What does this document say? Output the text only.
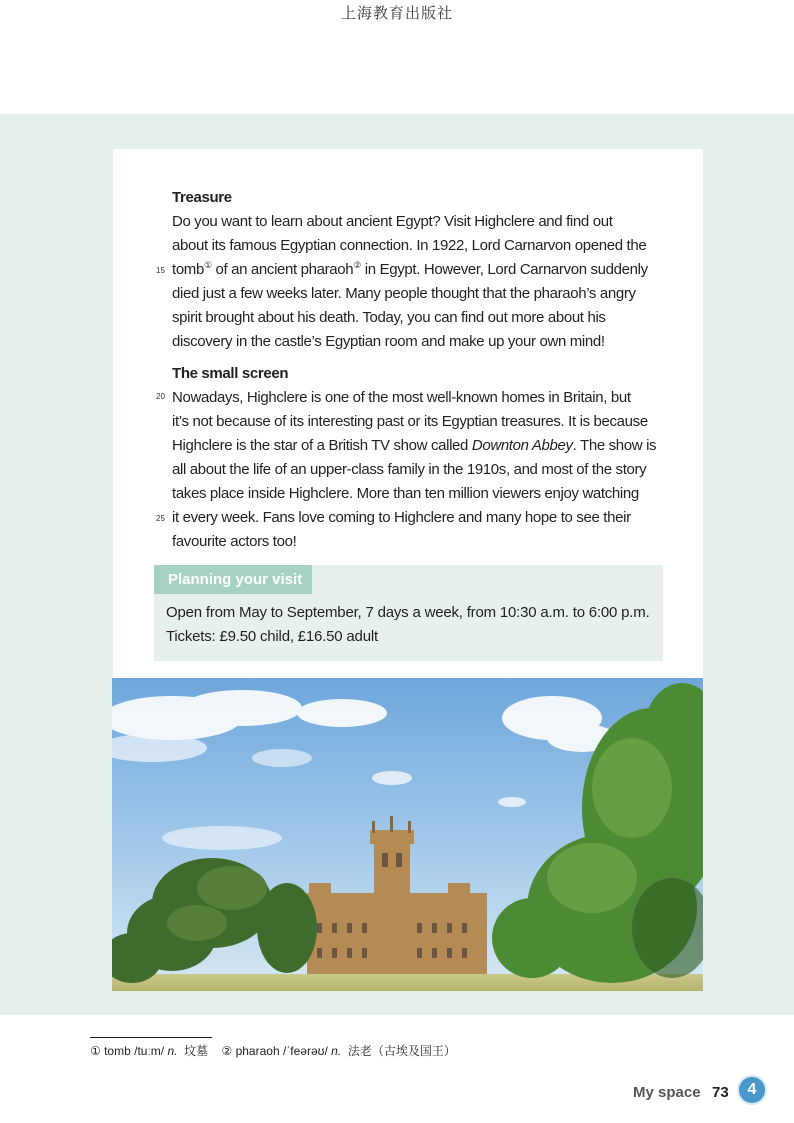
上海教育出版社
Treasure
Do you want to learn about ancient Egypt? Visit Highclere and find out
about its famous Egyptian connection. In 1922, Lord Carnarvon opened the
tomb① of an ancient pharaoh② in Egypt. However, Lord Carnarvon suddenly
died just a few weeks later. Many people thought that the pharaoh’s angry
spirit brought about his death. Today, you can find out more about his
discovery in the castle’s Egyptian room and make up your own mind!
The small screen
Nowadays, Highclere is one of the most well-known homes in Britain, but
it’s not because of its interesting past or its Egyptian treasures. It is because
Highclere is the star of a British TV show called Downton Abbey. The show is
all about the life of an upper-class family in the 1910s, and most of the story
takes place inside Highclere. More than ten million viewers enjoy watching
it every week. Fans love coming to Highclere and many hope to see their
favourite actors too!
15
20
25
Planning your visit
Open from May to September, 7 days a week, from 10:30 a.m. to 6:00 p.m.
Tickets: £9.50 child, £16.50 adult
① tomb /tuːm/ n.  坟墓    ② pharaoh /ˈfeərəʊ/ n.  法老（古埃及国王）
My space 73	4
